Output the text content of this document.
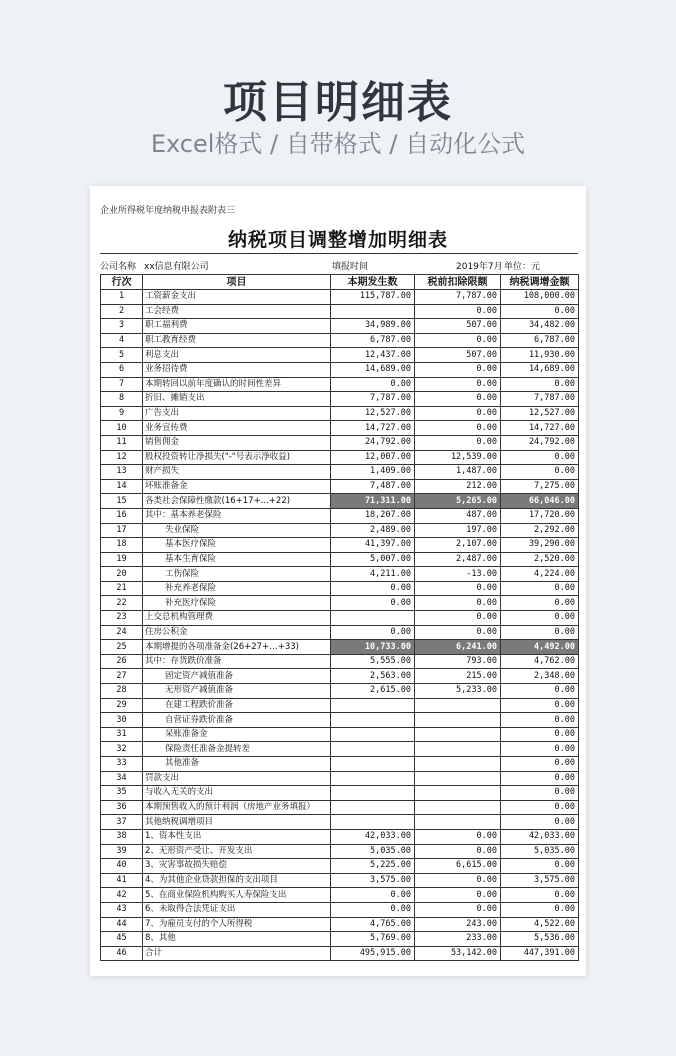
项目明细表
Excel格式 / 自带格式 / 自动化公式
企业所得税年度纳税申报表附表三
纳税项目调整增加明细表
公司名称 xx信息有限公司	填报时间	2019年7月 单位：元
行次	项目	本期发生数	税前扣除限额	纳税调增金额
1	工资薪金支出	115,787.00	7,787.00	108,000.00
2	工会经费		0.00	0.00
3	职工福利费	34,989.00	507.00	34,482.00
4	职工教育经费	6,787.00	0.00	6,787.00
5	利息支出	12,437.00	507.00	11,930.00
6	业务招待费	14,689.00	0.00	14,689.00
7	本期转回以前年度确认的时间性差异	0.00	0.00	0.00
8	折旧、摊销支出	7,787.00	0.00	7,787.00
9	广告支出	12,527.00	0.00	12,527.00
10	业务宣传费	14,727.00	0.00	14,727.00
11	销售佣金	24,792.00	0.00	24,792.00
12	股权投资转让净损失("-"号表示净收益)	12,007.00	12,539.00	0.00
13	财产损失	1,409.00	1,487.00	0.00
14	坏账准备金	7,487.00	212.00	7,275.00
15	各类社会保障性缴款(16+17+...+22)	71,311.00	5,265.00	66,046.00
16	其中：基本养老保险	18,207.00	487.00	17,720.00
17	失业保险	2,489.00	197.00	2,292.00
18	基本医疗保险	41,397.00	2,107.00	39,290.00
19	基本生育保险	5,007.00	2,487.00	2,520.00
20	工伤保险	4,211.00	-13.00	4,224.00
21	补充养老保险	0.00	0.00	0.00
22	补充医疗保险	0.00	0.00	0.00
23	上交总机构管理费		0.00	0.00
24	住房公积金	0.00	0.00	0.00
25	本期增提的各项准备金(26+27+…+33)	10,733.00	6,241.00	4,492.00
26	其中：存货跌价准备	5,555.00	793.00	4,762.00
27	固定资产减值准备	2,563.00	215.00	2,348.00
28	无形资产减值准备	2,615.00	5,233.00	0.00
29	在建工程跌价准备			0.00
30	自营证券跌价准备			0.00
31	呆账准备金			0.00
32	保险责任准备金提转差			0.00
33	其他准备			0.00
34	罚款支出			0.00
35	与收入无关的支出			0.00
36	本期预售收入的预计利润（房地产业务填报）			0.00
37	其他纳税调增项目			0.00
38	1、资本性支出	42,033.00	0.00	42,033.00
39	2、无形资产受让、开发支出	5,035.00	0.00	5,035.00
40	3、灾害事故损失赔偿	5,225.00	6,615.00	0.00
41	4、为其他企业贷款担保的支出项目	3,575.00	0.00	3,575.00
42	5、在商业保险机构购买人寿保险支出	0.00	0.00	0.00
43	6、未取得合法凭证支出	0.00	0.00	0.00
44	7、为雇员支付的个人所得税	4,765.00	243.00	4,522.00
45	8、其他	5,769.00	233.00	5,536.00
46	合计	495,915.00	53,142.00	447,391.00
